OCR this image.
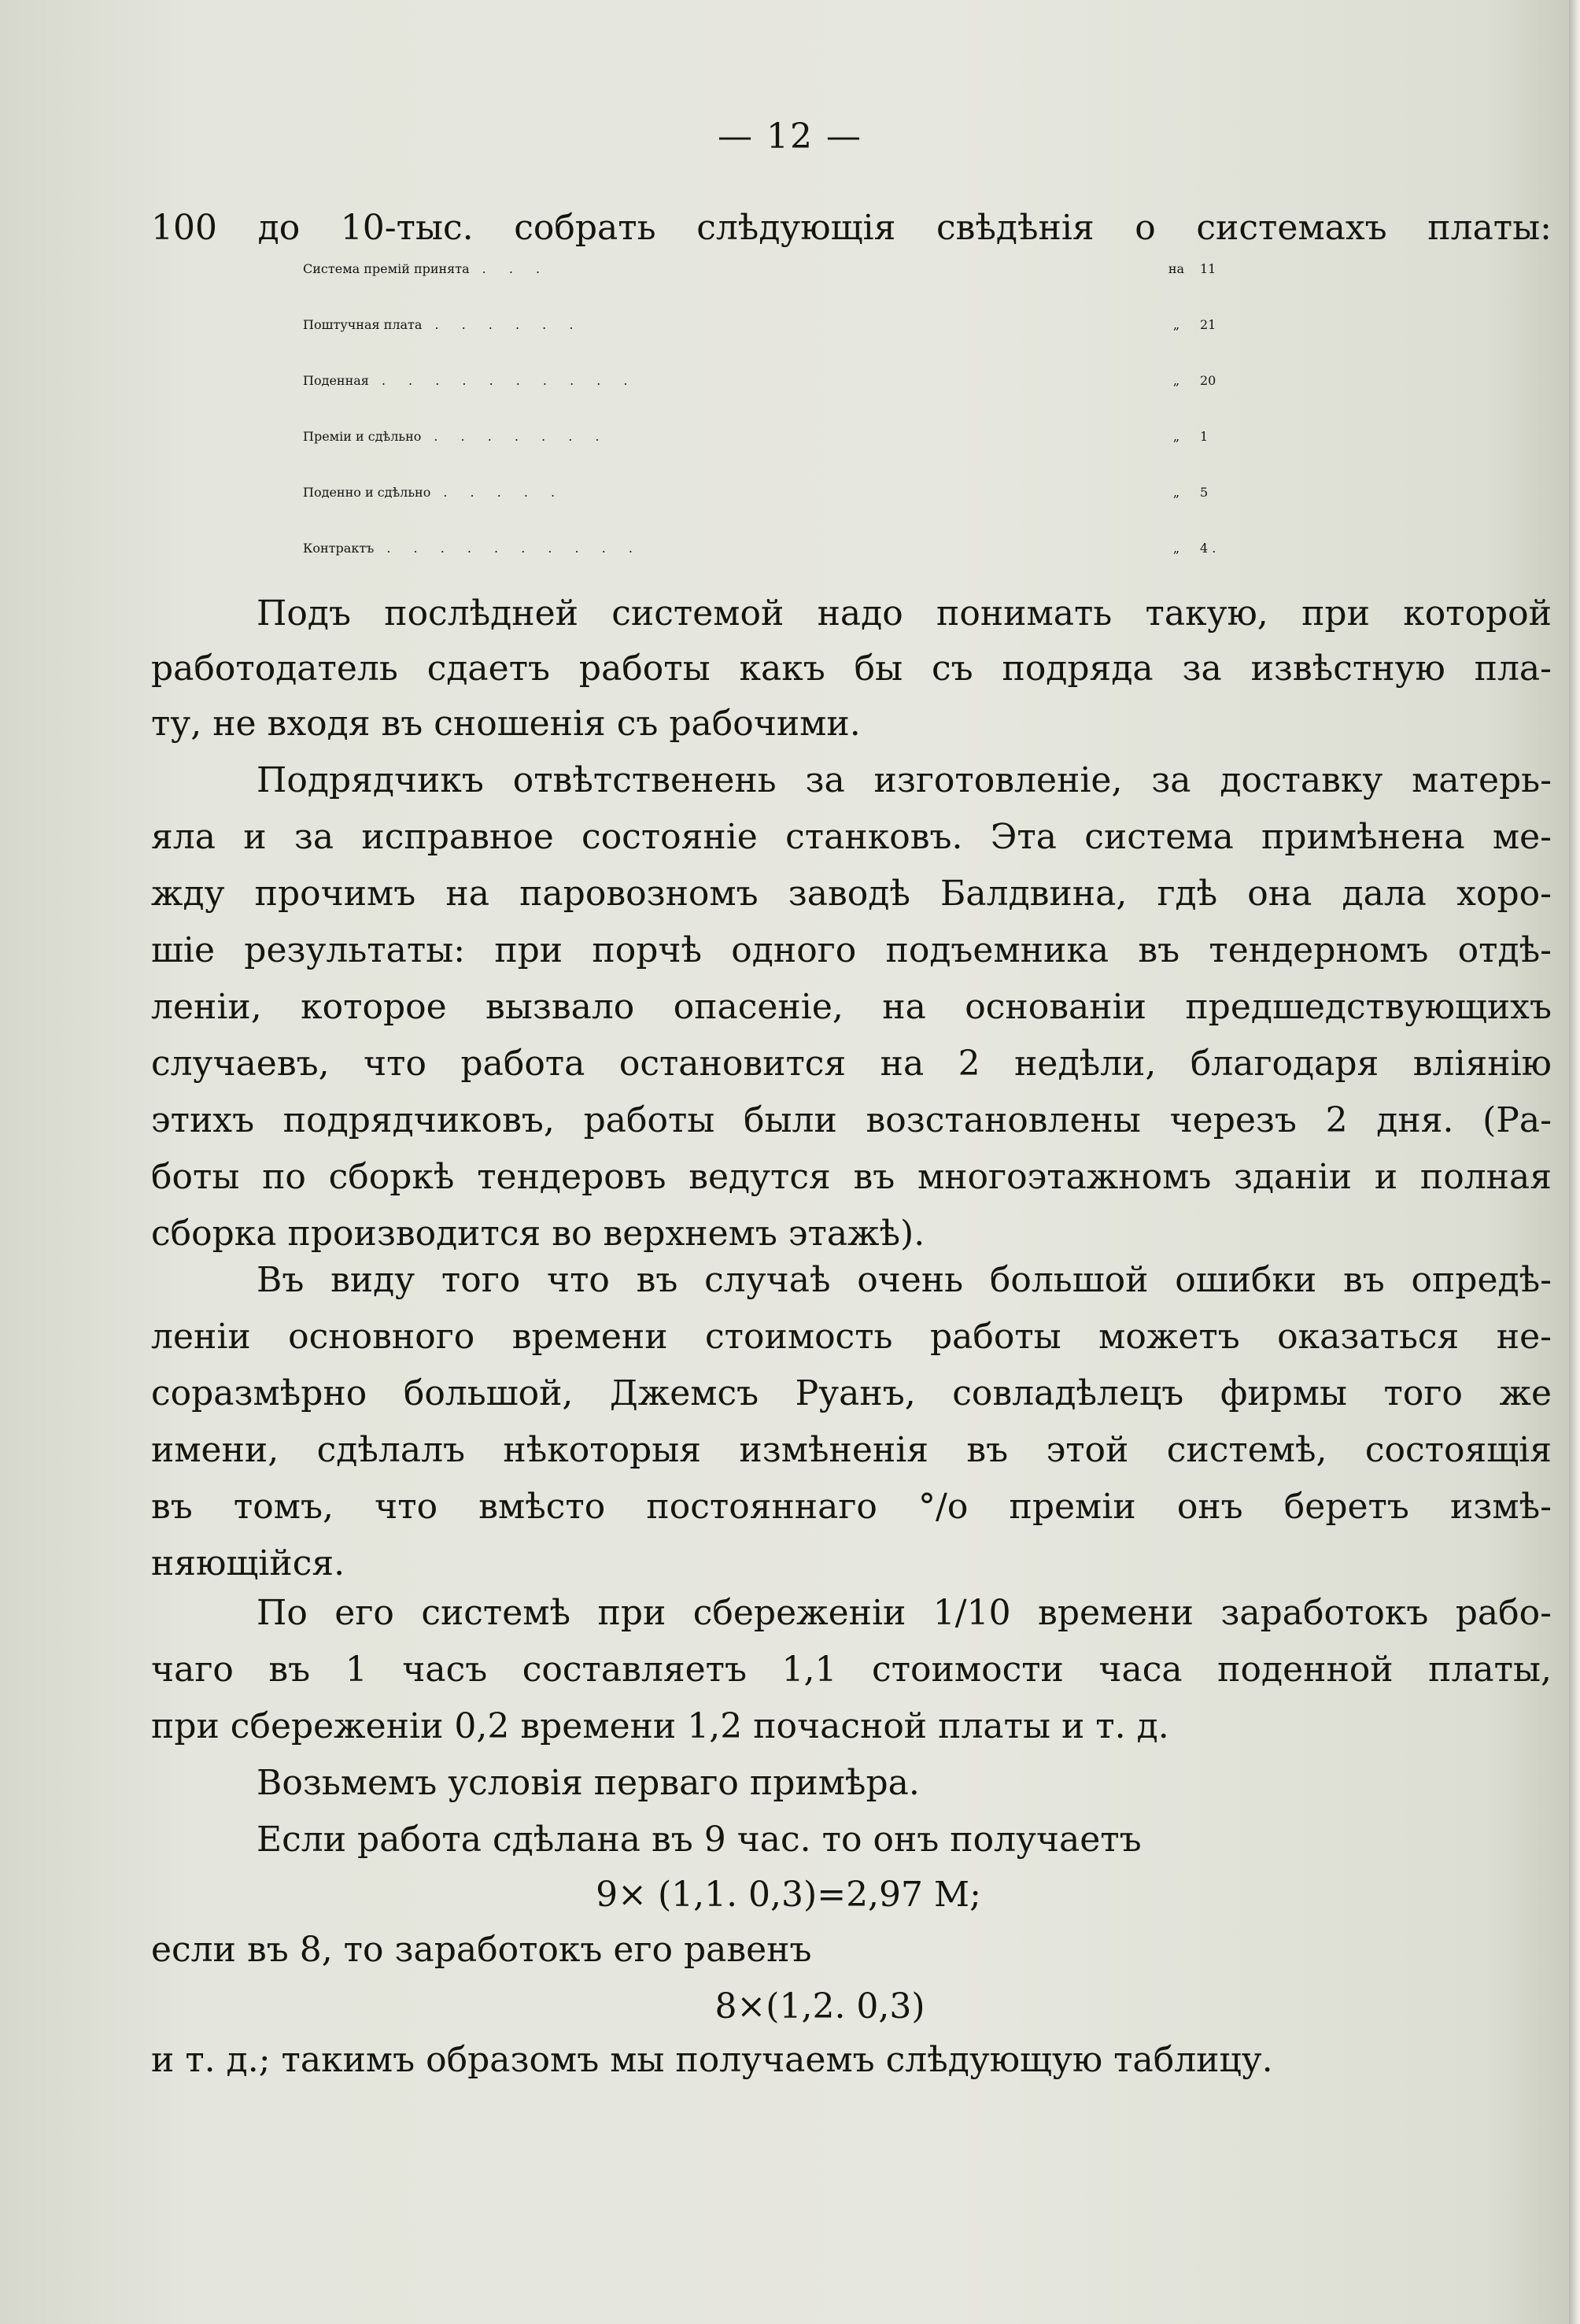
— 12 —
100 до 10-тыс. собрать слѣдующія свѣдѣнія о системахъ платы:
Система премій принята	. . .	на	11
Поштучная плата	. . . . . .	„	21
Поденная	. . . . . . . . . .	„	20
Преміи и сдѣльно	. . . . . . .	„	1
Поденно и сдѣльно	. . . . .	„	5
Контрактъ	. . . . . . . . . .	„	4 .
Подъ послѣдней системой надо понимать такую, при которой
работодатель сдаетъ работы какъ бы съ подряда за извѣстную пла-
ту, не входя въ сношенія съ рабочими.
Подрядчикъ отвѣтственень за изготовленіе, за доставку матерь-
яла и за исправное состояніе станковъ. Эта система примѣнена ме-
жду прочимъ на паровозномъ заводѣ Балдвина, гдѣ она дала хоро-
шіе результаты: при порчѣ одного подъемника въ тендерномъ отдѣ-
леніи, которое вызвало опасеніе, на основаніи предшедствующихъ
случаевъ, что работа остановится на 2 недѣли, благодаря вліянію
этихъ подрядчиковъ, работы были возстановлены черезъ 2 дня. (Ра-
боты по сборкѣ тендеровъ ведутся въ многоэтажномъ зданіи и полная
сборка производится во верхнемъ этажѣ).
Въ виду того что въ случаѣ очень большой ошибки въ опредѣ-
леніи основного времени стоимость работы можетъ оказаться не-
соразмѣрно большой, Джемсъ Руанъ, совладѣлецъ фирмы того же
имени, сдѣлалъ нѣкоторыя измѣненія въ этой системѣ, состоящія
въ томъ, что вмѣсто постояннаго °/о преміи онъ беретъ измѣ-
няющійся.
По его системѣ при сбереженіи 1/10 времени заработокъ рабо-
чаго въ 1 часъ составляетъ 1,1 стоимости часа поденной платы,
при сбереженіи 0,2 времени 1,2 почасной платы и т. д.
Возьмемъ условія перваго примѣра.
Если работа сдѣлана въ 9 час. то онъ получаетъ
9× (1,1. 0,3)=2,97 M;
если въ 8, то заработокъ его равенъ
8×(1,2. 0,3)
и т. д.; такимъ образомъ мы получаемъ слѣдующую таблицу.
